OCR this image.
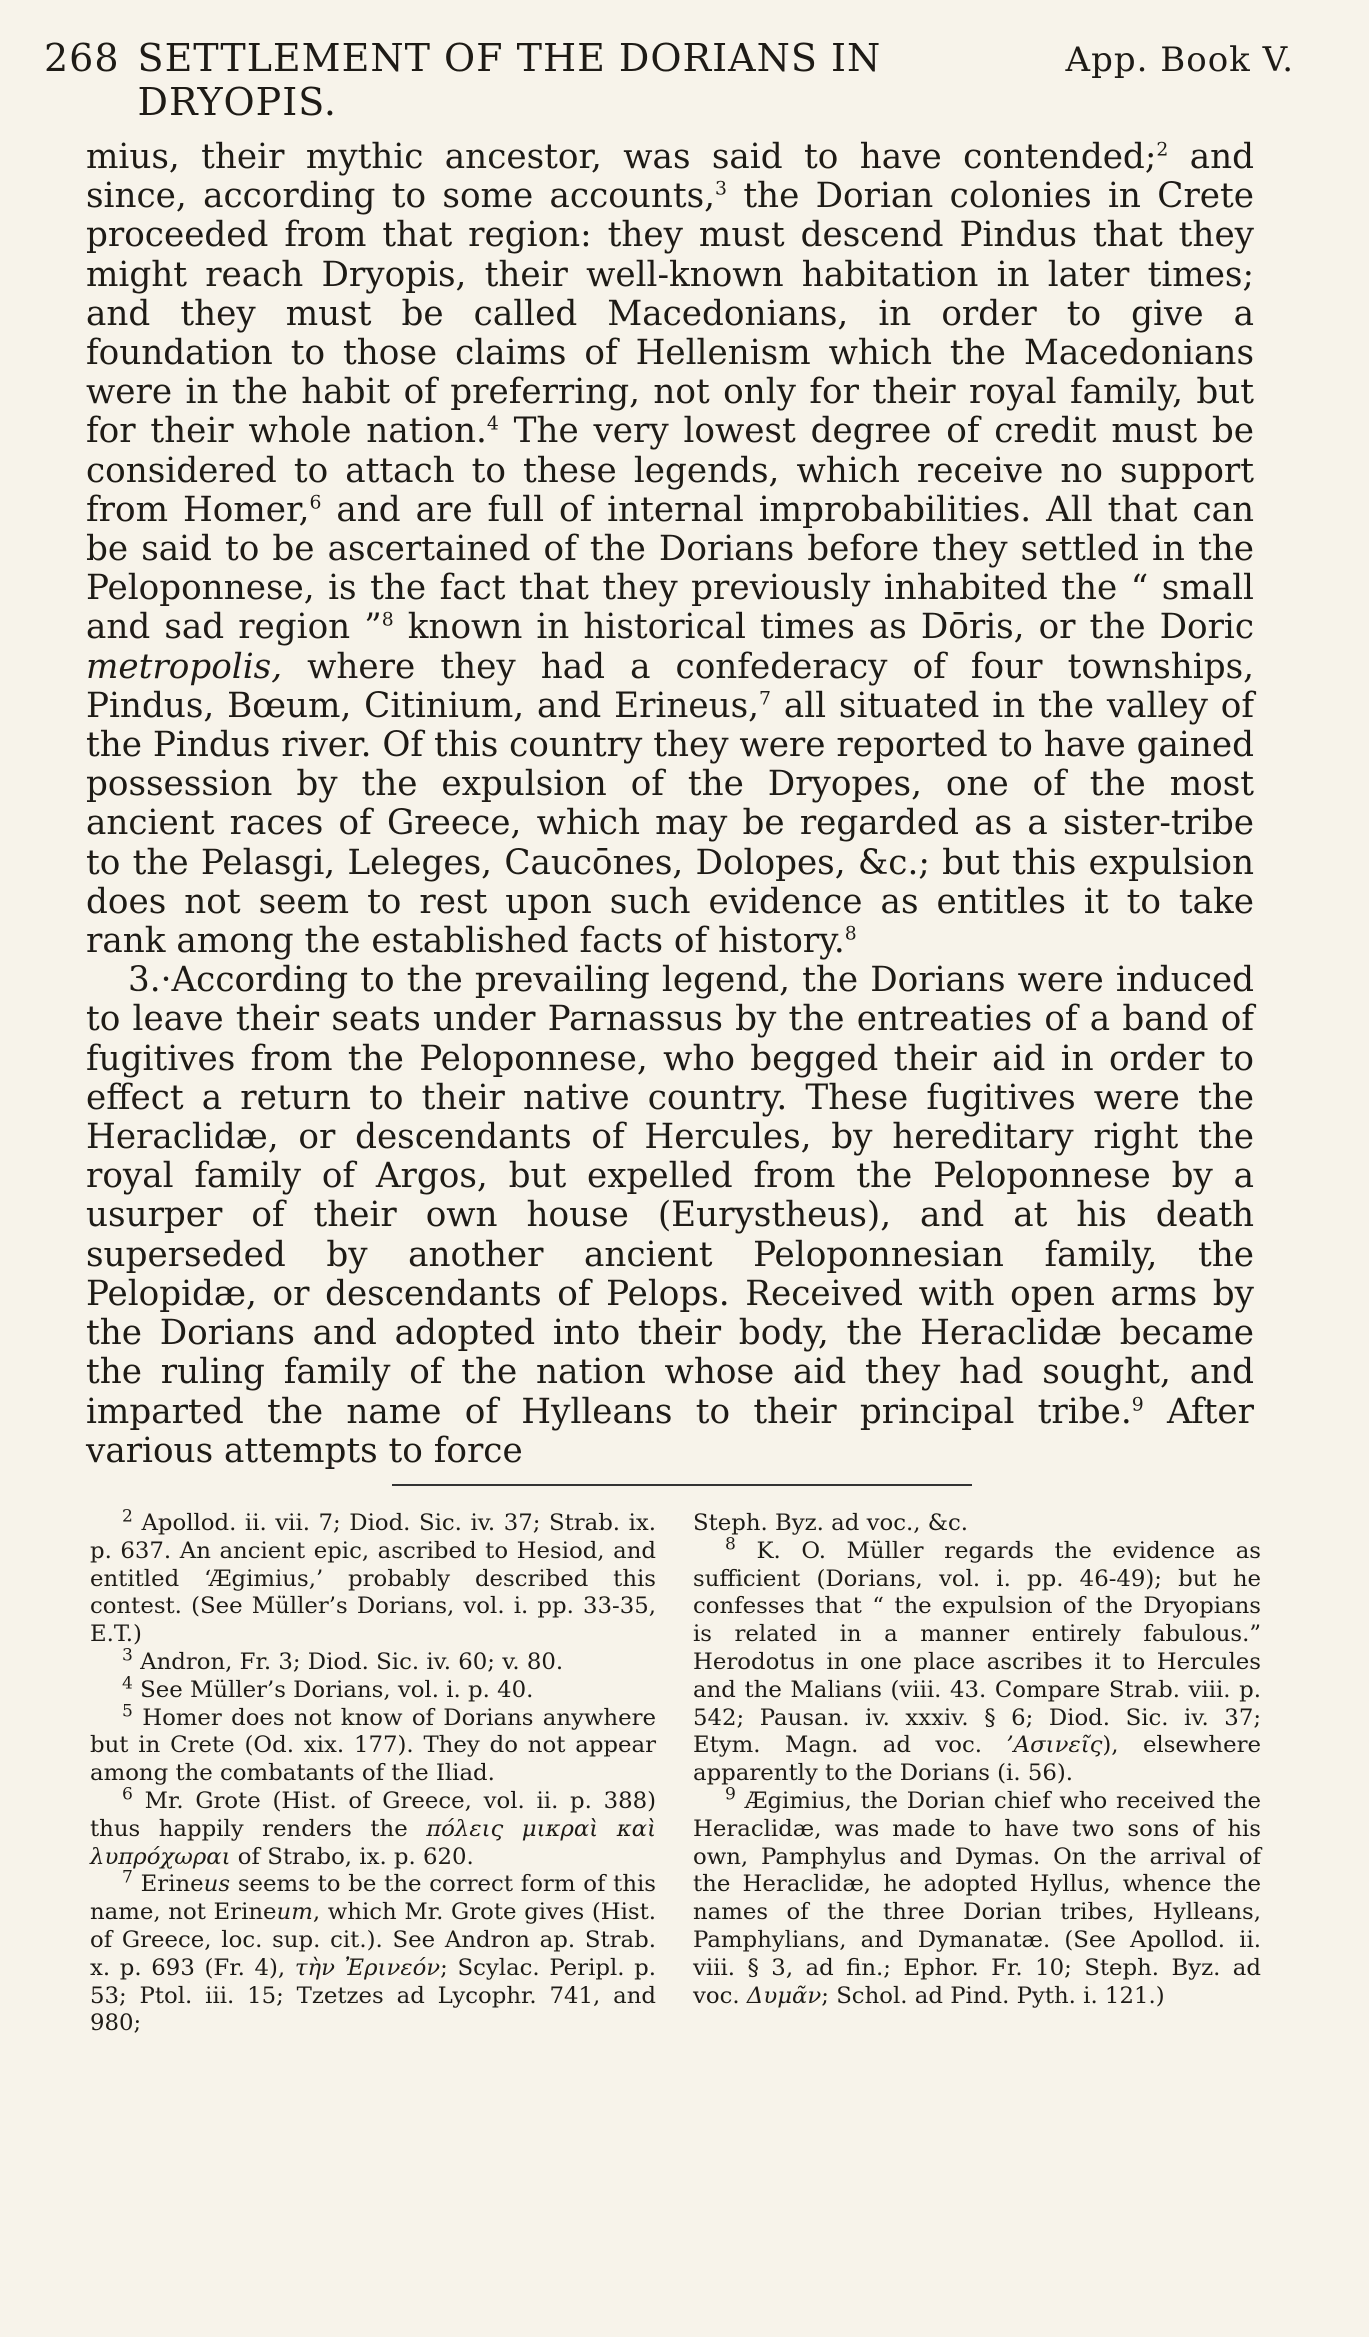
268 SETTLEMENT OF THE DORIANS IN DRYOPIS.
App. Book V.

mius, their mythic ancestor, was said to have contended;$^2$ and since, according to some accounts,$^3$ the Dorian colonies in Crete proceeded from that region: they must descend Pindus that they might reach Dryopis, their well-known habitation in later times; and they must be called Macedonians, in order to give a foundation to those claims of Hellenism which the Macedonians were in the habit of preferring, not only for their royal family, but for their whole nation.$^4$ The very lowest degree of credit must be considered to attach to these legends, which receive no support from Homer,$^6$ and are full of internal improbabilities. All that can be said to be ascertained of the Dorians before they settled in the Peloponnese, is the fact that they previously inhabited the “ small and sad region ”$^8$ known in historical times as Dōris, or the Doric metropolis, where they had a confederacy of four townships, Pindus, Bœum, Citinium, and Erineus,$^7$ all situated in the valley of the Pindus river. Of this country they were reported to have gained possession by the expulsion of the Dryopes, one of the most ancient races of Greece, which may be regarded as a sister-tribe to the Pelasgi, Leleges, Caucōnes, Dolopes, &c.; but this expulsion does not seem to rest upon such evidence as entitles it to take rank among the established facts of history.$^8$

3.·According to the prevailing legend, the Dorians were induced to leave their seats under Parnassus by the entreaties of a band of fugitives from the Peloponnese, who begged their aid in order to effect a return to their native country. These fugitives were the Heraclidæ, or descendants of Hercules, by hereditary right the royal family of Argos, but expelled from the Peloponnese by a usurper of their own house (Eurystheus), and at his death superseded by another ancient Peloponnesian family, the Pelopidæ, or descendants of Pelops. Received with open arms by the Dorians and adopted into their body, the Heraclidæ became the ruling family of the nation whose aid they had sought, and imparted the name of Hylleans to their principal tribe.$^9$ After various attempts to force

$^2$ Apollod. ii. vii. 7; Diod. Sic. iv. 37; Strab. ix. p. 637. An ancient epic, ascribed to Hesiod, and entitled ‘Ægimius,’ probably described this contest. (See Müller’s Dorians, vol. i. pp. 33-35, E.T.)

$^3$ Andron, Fr. 3; Diod. Sic. iv. 60; v. 80.

$^4$ See Müller’s Dorians, vol. i. p. 40.

$^5$ Homer does not know of Dorians anywhere but in Crete (Od. xix. 177). They do not appear among the combatants of the Iliad.

$^6$ Mr. Grote (Hist. of Greece, vol. ii. p. 388) thus happily renders the πόλεις μικραὶ καὶ λυπρόχωραι of Strabo, ix. p. 620.

$^7$ Erineus seems to be the correct form of this name, not Erineum, which Mr. Grote gives (Hist. of Greece, loc. sup. cit.). See Andron ap. Strab. x. p. 693 (Fr. 4), τὴν Ἐρινεόν; Scylac. Peripl. p. 53; Ptol. iii. 15; Tzetzes ad Lycophr. 741, and 980;

Steph. Byz. ad voc., &c.

$^8$ K. O. Müller regards the evidence as sufficient (Dorians, vol. i. pp. 46-49); but he confesses that “ the expulsion of the Dryopians is related in a manner entirely fabulous.” Herodotus in one place ascribes it to Hercules and the Malians (viii. 43. Compare Strab. viii. p. 542; Pausan. iv. xxxiv. § 6; Diod. Sic. iv. 37; Etym. Magn. ad voc. ’Ασινεῖς), elsewhere apparently to the Dorians (i. 56).

$^9$ Ægimius, the Dorian chief who received the Heraclidæ, was made to have two sons of his own, Pamphylus and Dymas. On the arrival of the Heraclidæ, he adopted Hyllus, whence the names of the three Dorian tribes, Hylleans, Pamphylians, and Dymanatæ. (See Apollod. ii. viii. § 3, ad fin.; Ephor. Fr. 10; Steph. Byz. ad voc. Δυμᾶν; Schol. ad Pind. Pyth. i. 121.)
